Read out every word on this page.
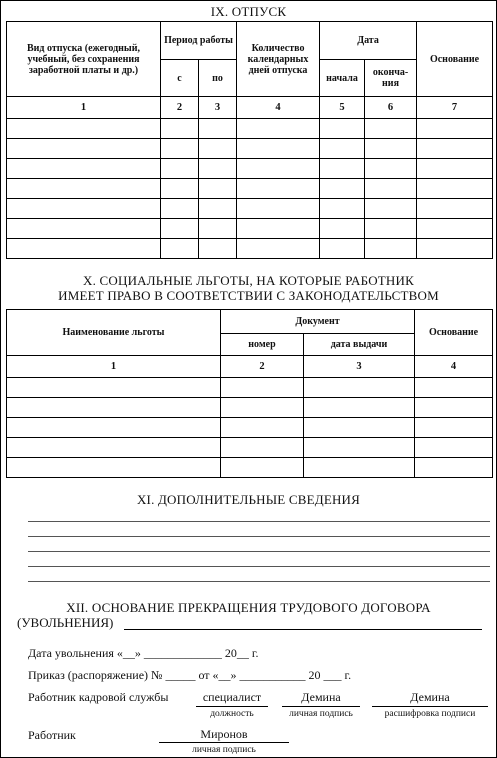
IX. ОТПУСК
Вид отпуска (ежегодный, учебный, без сохранения заработной платы и др.)	Период работы		Количество календарных дней отпуска	Дата		Основание
	с	по		начала	оконча-ния	
1	2	3	4	5	6	7

X. СОЦИАЛЬНЫЕ ЛЬГОТЫ, НА КОТОРЫЕ РАБОТНИК
ИМЕЕТ ПРАВО В СООТВЕТСТВИИ С ЗАКОНОДАТЕЛЬСТВОМ
Наименование льготы	Документ		Основание
	номер	дата выдачи	
1	2	3	4

XI. ДОПОЛНИТЕЛЬНЫЕ СВЕДЕНИЯ
XII. ОСНОВАНИЕ ПРЕКРАЩЕНИЯ ТРУДОВОГО ДОГОВОРА
(УВОЛЬНЕНИЯ)
Дата увольнения «__» _____________ 20__ г.
Приказ (распоряжение) № _____ от «__» ___________ 20 ___ г.
Работник кадровой службы	специалист	Демина	Демина
должность	личная подпись	расшифровка подписи
Работник	Миронов
личная подпись
